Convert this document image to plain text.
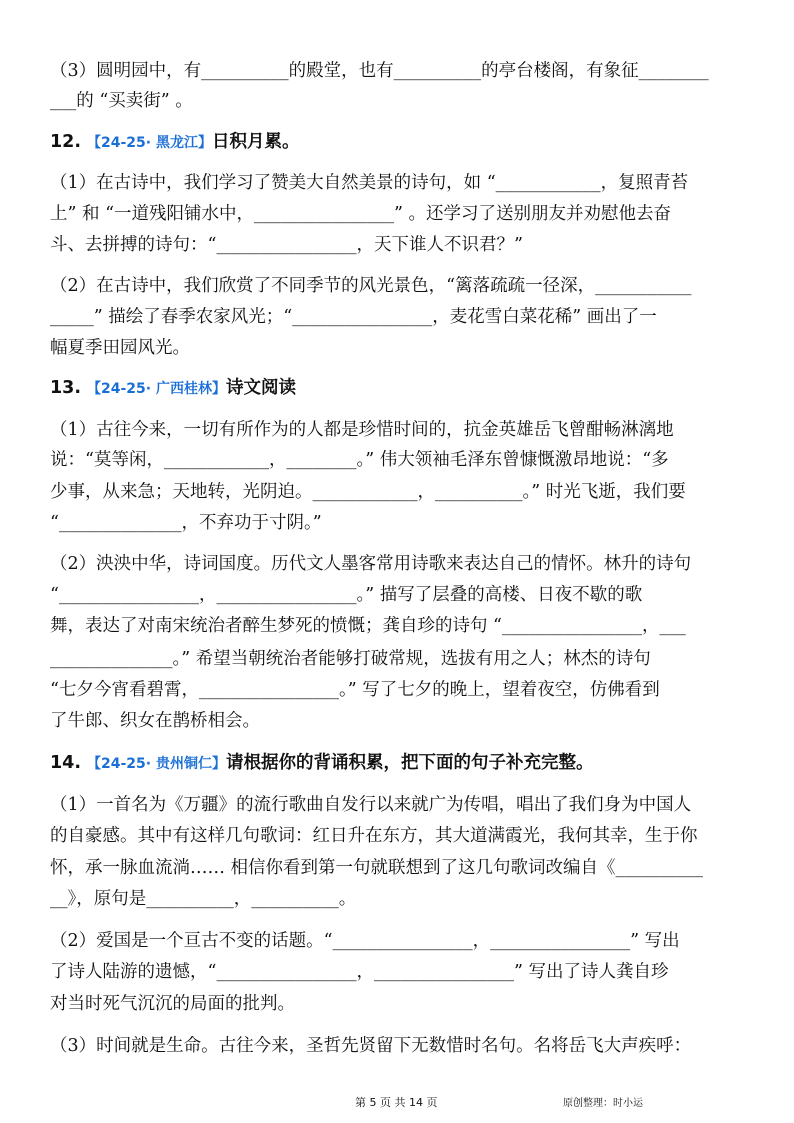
（3）圆明园中，有__________的殿堂，也有__________的亭台楼阁，有象征________
___的 “买卖街” 。
12. 【24-25· 黑龙江】日积月累。
（1）在古诗中，我们学习了赞美大自然美景的诗句，如 “____________，复照青苔
上” 和 “一道残阳铺水中，________________” 。还学习了送别朋友并劝慰他去奋
斗、去拼搏的诗句：“________________，天下谁人不识君？”
（2）在古诗中，我们欣赏了不同季节的风光景色，“篱落疏疏一径深，___________
_____” 描绘了春季农家风光；“________________，麦花雪白菜花稀” 画出了一
幅夏季田园风光。
13. 【24-25· 广西桂林】诗文阅读
（1）古往今来，一切有所作为的人都是珍惜时间的，抗金英雄岳飞曾酣畅淋漓地
说：“莫等闲，____________，________。” 伟大领袖毛泽东曾慷慨激昂地说：“多
少事，从来急；天地转，光阴迫。____________，__________。” 时光飞逝，我们要
“______________，不弃功于寸阴。”
（2）泱泱中华，诗词国度。历代文人墨客常用诗歌来表达自己的情怀。林升的诗句
“________________，________________。” 描写了层叠的高楼、日夜不歇的歌
舞，表达了对南宋统治者醉生梦死的愤慨；龚自珍的诗句 “________________，___
______________。” 希望当朝统治者能够打破常规，选拔有用之人；林杰的诗句
“七夕今宵看碧霄，________________。” 写了七夕的晚上，望着夜空，仿佛看到
了牛郎、织女在鹊桥相会。
14. 【24-25· 贵州铜仁】请根据你的背诵积累，把下面的句子补充完整。
（1）一首名为《万疆》的流行歌曲自发行以来就广为传唱，唱出了我们身为中国人
的自豪感。其中有这样几句歌词：红日升在东方，其大道满霞光，我何其幸，生于你
怀，承一脉血流淌…… 相信你看到第一句就联想到了这几句歌词改编自《__________
__》，原句是__________，__________。
（2）爱国是一个亘古不变的话题。“________________，________________” 写出
了诗人陆游的遗憾，“________________，________________” 写出了诗人龚自珍
对当时死气沉沉的局面的批判。
（3）时间就是生命。古往今来，圣哲先贤留下无数惜时名句。名将岳飞大声疾呼：
第 5 页 共 14 页	原创整理：时小运
